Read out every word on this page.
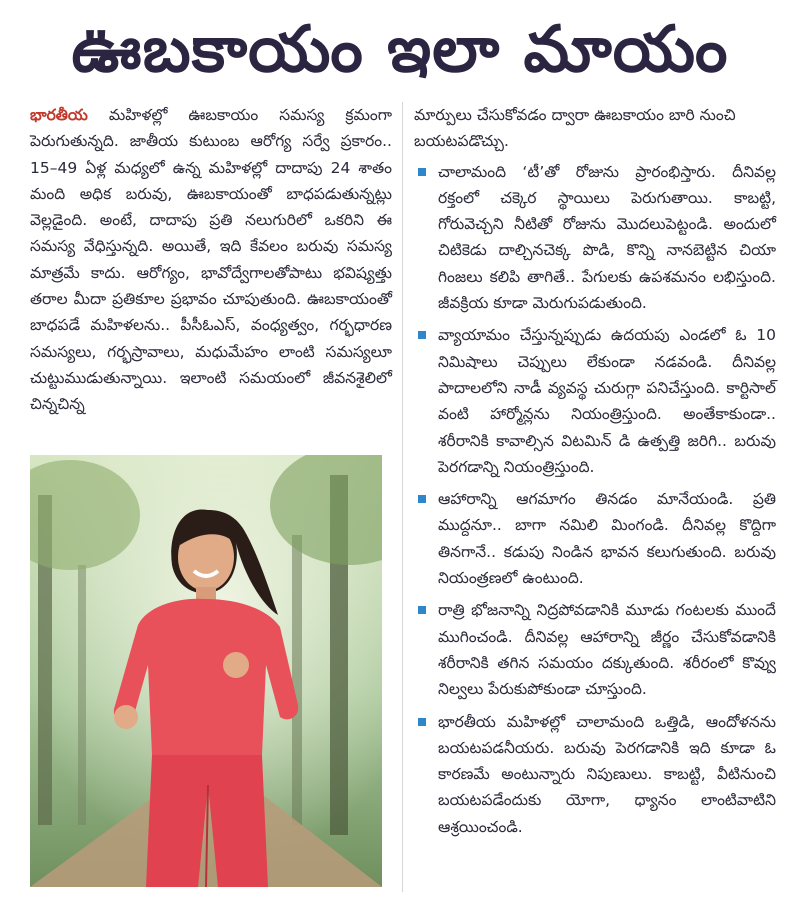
ఊబకాయం ఇలా మాయం

భారతీయ మహిళల్లో ఊబకాయం సమస్య క్రమంగా పెరుగుతున్నది. జాతీయ కుటుంబ ఆరోగ్య సర్వే ప్రకారం.. 15–49 ఏళ్ల మధ్యలో ఉన్న మహిళల్లో దాదాపు 24 శాతం మంది అధిక బరువు, ఊబకాయంతో బాధపడుతున్నట్లు వెల్లడైంది. అంటే, దాదాపు ప్రతి నలుగురిలో ఒకరిని ఈ సమస్య వేధిస్తున్నది. అయితే, ఇది కేవలం బరువు సమస్య మాత్రమే కాదు. ఆరోగ్యం, భావోద్వేగాలతోపాటు భవిష్యత్తు తరాల మీదా ప్రతికూల ప్రభావం చూపుతుంది. ఊబకాయంతో బాధపడే మహిళలను.. పీసీఓఎస్, వంధ్యత్వం, గర్భధారణ సమస్యలు, గర్భస్రావాలు, మధుమేహం లాంటి సమస్యలూ చుట్టుముడుతున్నాయి. ఇలాంటి సమయంలో జీవనశైలిలో చిన్నచిన్న

మార్పులు చేసుకోవడం ద్వారా ఊబకాయం బారి నుంచి బయటపడొచ్చు.

చాలామంది ‘టీ’తో రోజును ప్రారంభిస్తారు. దీనివల్ల రక్తంలో చక్కెర స్థాయిలు పెరుగుతాయి. కాబట్టి, గోరువెచ్చని నీటితో రోజును మొదలుపెట్టండి. అందులో చిటికెడు దాల్చినచెక్క పొడి, కొన్ని నానబెట్టిన చియా గింజలు కలిపి తాగితే.. పేగులకు ఉపశమనం లభిస్తుంది. జీవక్రియ కూడా మెరుగుపడుతుంది.
వ్యాయామం చేస్తున్నప్పుడు ఉదయపు ఎండలో ఓ 10 నిమిషాలు చెప్పులు లేకుండా నడవండి. దీనివల్ల పాదాలలోని నాడీ వ్యవస్థ చురుగ్గా పనిచేస్తుంది. కార్టిసాల్ వంటి హార్మోన్లను నియంత్రిస్తుంది. అంతేకాకుండా.. శరీరానికి కావాల్సిన విటమిన్ డి ఉత్పత్తి జరిగి.. బరువు పెరగడాన్ని నియంత్రిస్తుంది.
ఆహారాన్ని ఆగమాగం తినడం మానేయండి. ప్రతి ముద్దనూ.. బాగా నమిలి మింగండి. దీనివల్ల కొద్దిగా తినగానే.. కడుపు నిండిన భావన కలుగుతుంది. బరువు నియంత్రణలో ఉంటుంది.
రాత్రి భోజనాన్ని నిద్రపోవడానికి మూడు గంటలకు ముందే ముగించండి. దీనివల్ల ఆహారాన్ని జీర్ణం చేసుకోవడానికి శరీరానికి తగిన సమయం దక్కుతుంది. శరీరంలో కొవ్వు నిల్వలు పేరుకుపోకుండా చూస్తుంది.
భారతీయ మహిళల్లో చాలామంది ఒత్తిడి, ఆందోళనను బయటపడనీయరు. బరువు పెరగడానికి ఇది కూడా ఓ కారణమే అంటున్నారు నిపుణులు. కాబట్టి, వీటినుంచి బయటపడేందుకు యోగా, ధ్యానం లాంటివాటిని ఆశ్రయించండి.
